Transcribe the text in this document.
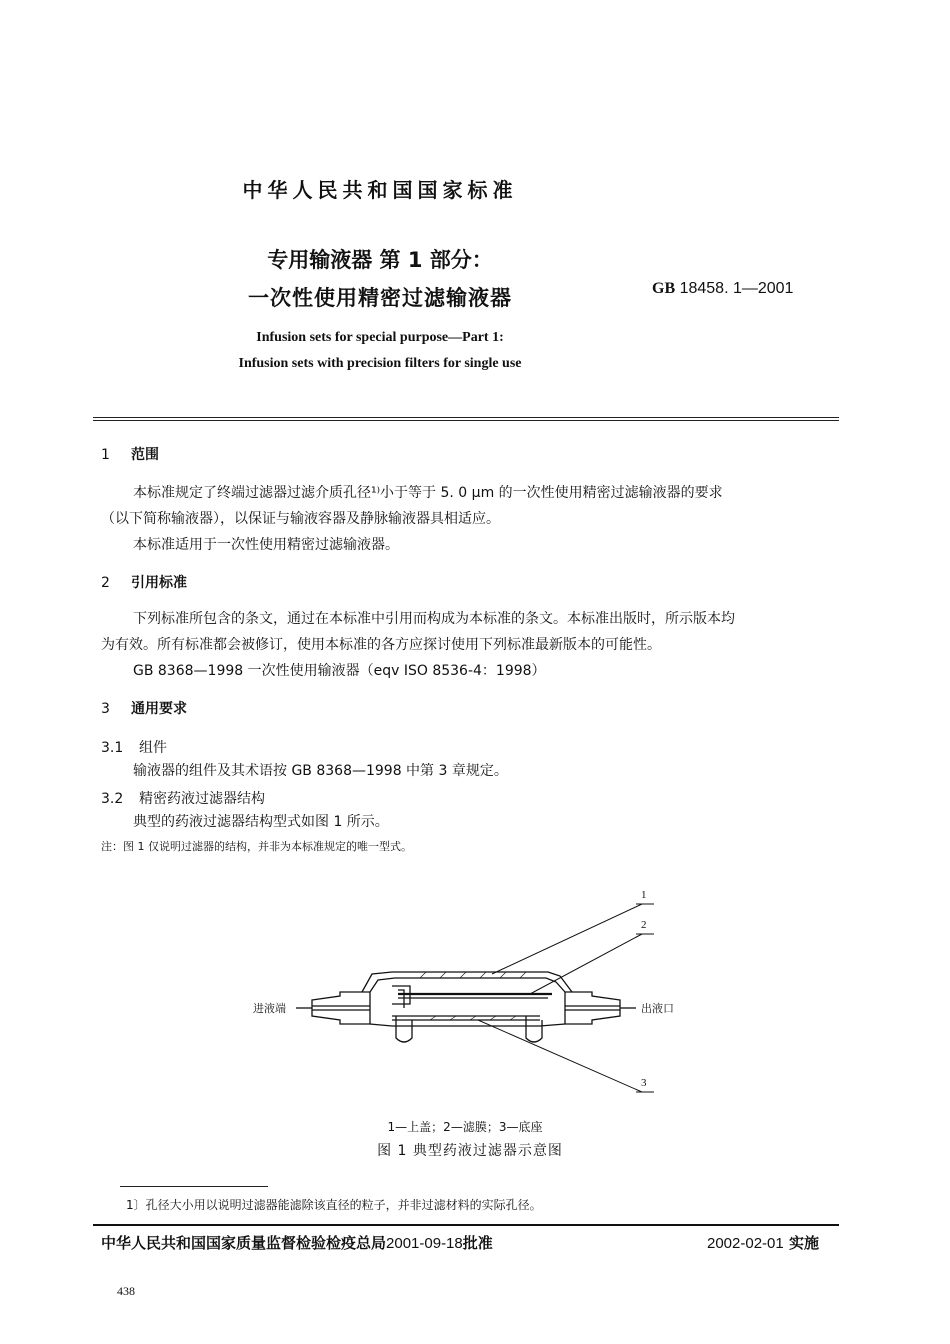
中华人民共和国国家标准
专用输液器 第 1 部分：
一次性使用精密过滤输液器	GB 18458. 1—2001
Infusion sets for special purpose—Part 1:
Infusion sets with precision filters for single use
1 范围
本标准规定了终端过滤器过滤介质孔径¹⁾小于等于 5. 0 μm 的一次性使用精密过滤输液器的要求
（以下简称输液器），以保证与输液容器及静脉输液器具相适应。
本标准适用于一次性使用精密过滤输液器。
2 引用标准
下列标准所包含的条文，通过在本标准中引用而构成为本标准的条文。本标准出版时，所示版本均
为有效。所有标准都会被修订，使用本标准的各方应探讨使用下列标准最新版本的可能性。
GB 8368—1998 一次性使用输液器（eqv ISO 8536-4：1998）
3 通用要求
3.1 组件
输液器的组件及其术语按 GB 8368—1998 中第 3 章规定。
3.2 精密药液过滤器结构
典型的药液过滤器结构型式如图 1 所示。
注：图 1 仅说明过滤器的结构，并非为本标准规定的唯一型式。
进液端	出液口
1
2
3
1—上盖；2—滤膜；3—底座
图 1 典型药液过滤器示意图
1〕孔径大小用以说明过滤器能滤除该直径的粒子，并非过滤材料的实际孔径。
中华人民共和国国家质量监督检验检疫总局2001-09-18批准	2002-02-01 实施
438
